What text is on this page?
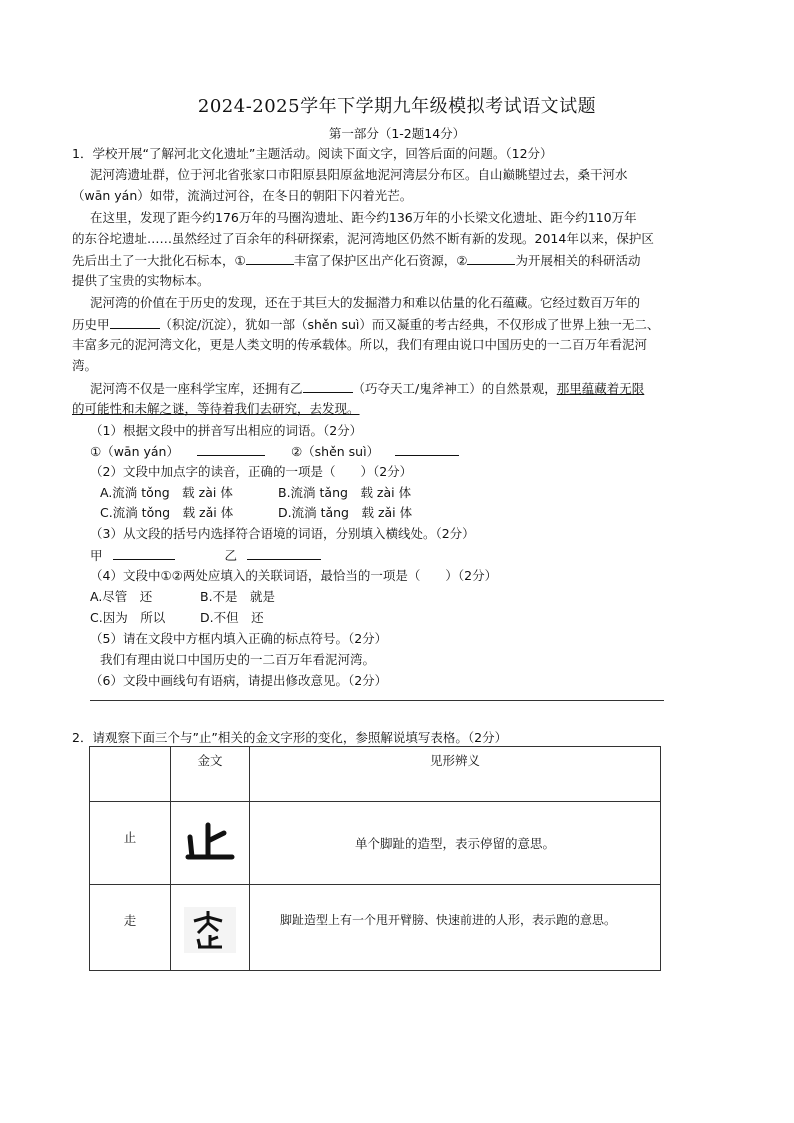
2024-2025学年下学期九年级模拟考试语文试题
第一部分（1-2题14分）
1．学校开展“了解河北文化遗址”主题活动。阅读下面文字，回答后面的问题。（12分）
泥河湾遗址群，位于河北省张家口市阳原县阳原盆地泥河湾层分布区。自山巅眺望过去，桑干河水
（wān yán）如带，流淌过河谷，在冬日的朝阳下闪着光芒。
在这里，发现了距今约176万年的马圈沟遗址、距今约136万年的小长梁文化遗址、距今约110万年
的东谷坨遗址……虽然经过了百余年的科研探索，泥河湾地区仍然不断有新的发现。2014年以来，保护区
先后出土了一大批化石标本，①	丰富了保护区出产化石资源，②	为开展相关的科研活动
提供了宝贵的实物标本。
泥河湾的价值在于历史的发现，还在于其巨大的发掘潜力和难以估量的化石蕴藏。它经过数百万年的
历史甲	（积淀/沉淀），犹如一部（shěn suì）而又凝重的考古经典，不仅形成了世界上独一无二、
丰富多元的泥河湾文化，更是人类文明的传承载体。所以，我们有理由说口中国历史的一二百万年看泥河
湾。
泥河湾不仅是一座科学宝库，还拥有乙	（巧夺天工/鬼斧神工）的自然景观，那里蕴藏着无限
的可能性和未解之谜，等待着我们去研究，去发现。
（1）根据文段中的拼音写出相应的词语。（2分）
①（wān yán）	②（shěn suì）
（2）文段中加点字的读音，正确的一项是（　　）（2分）
A.流淌 tǒng　载 zài 体	B.流淌 tǎng　载 zài 体
C.流淌 tǒng　载 zǎi 体	D.流淌 tǎng　载 zǎi 体
（3）从文段的括号内选择符合语境的词语，分别填入横线处。（2分）
甲	乙
（4）文段中①②两处应填入的关联词语，最恰当的一项是（　　）（2分）
A.尽管　还	B.不是　就是
C.因为　所以	D.不但　还
（5）请在文段中方框内填入正确的标点符号。（2分）
我们有理由说口中国历史的一二百万年看泥河湾。
（6）文段中画线句有语病，请提出修改意见。（2分）
2．请观察下面三个与”止”相关的金文字形的变化，参照解说填写表格。（2分）
	金文	见形辨义
止		单个脚趾的造型，表示停留的意思。
走		脚趾造型上有一个甩开臂膀、快速前进的人形，表示跑的意思。
